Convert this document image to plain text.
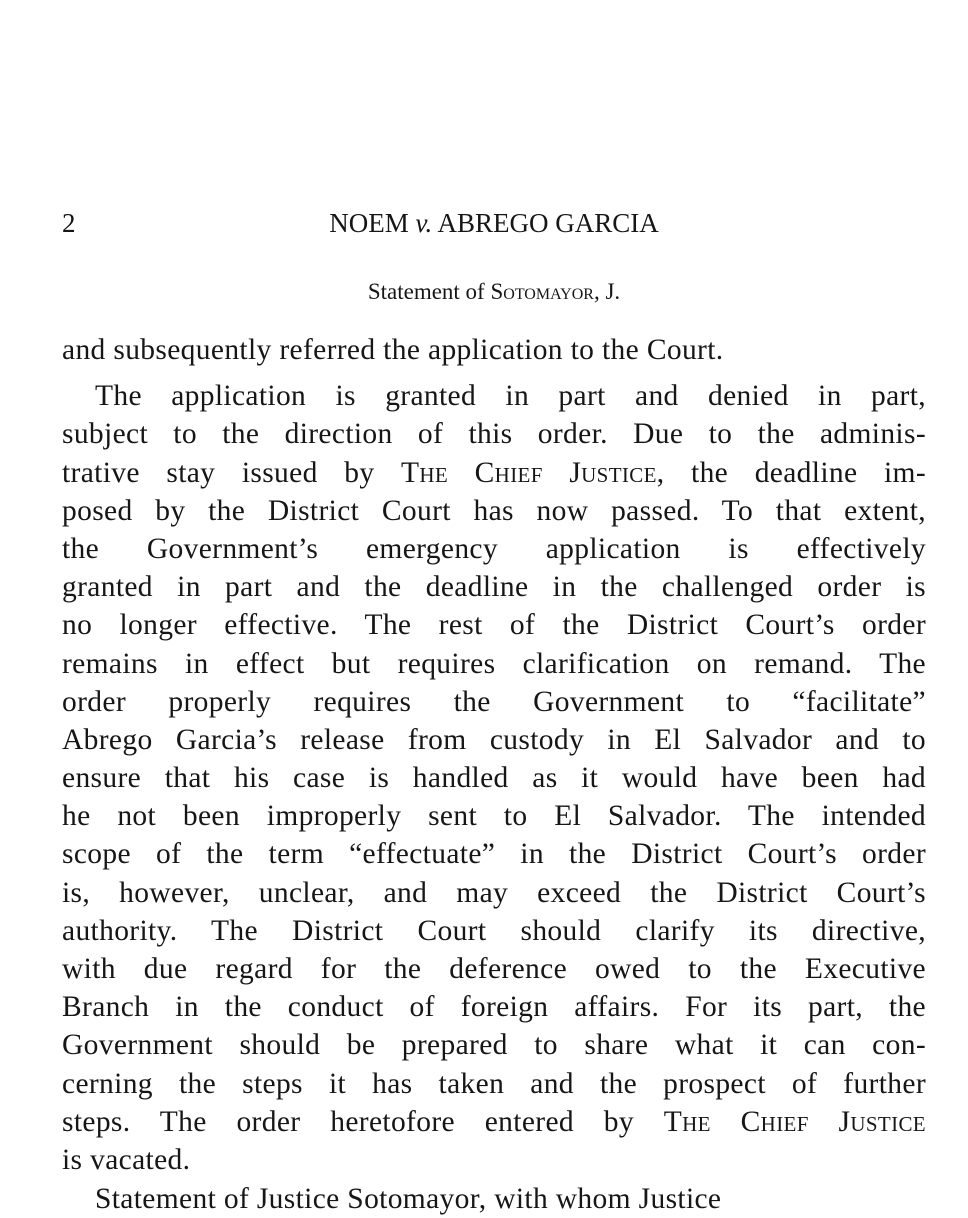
2	NOEM v. ABREGO GARCIA
Statement of Sotomayor, J.
and subsequently referred the application to the Court.
The application is granted in part and denied in part,
subject to the direction of this order. Due to the adminis-
trative stay issued by The Chief Justice, the deadline im-
posed by the District Court has now passed. To that extent,
the Government’s emergency application is effectively
granted in part and the deadline in the challenged order is
no longer effective. The rest of the District Court’s order
remains in effect but requires clarification on remand. The
order properly requires the Government to “facilitate”
Abrego Garcia’s release from custody in El Salvador and to
ensure that his case is handled as it would have been had
he not been improperly sent to El Salvador. The intended
scope of the term “effectuate” in the District Court’s order
is, however, unclear, and may exceed the District Court’s
authority. The District Court should clarify its directive,
with due regard for the deference owed to the Executive
Branch in the conduct of foreign affairs. For its part, the
Government should be prepared to share what it can con-
cerning the steps it has taken and the prospect of further
steps. The order heretofore entered by The Chief Justice
is vacated.
Statement of Justice Sotomayor, with whom Justice
